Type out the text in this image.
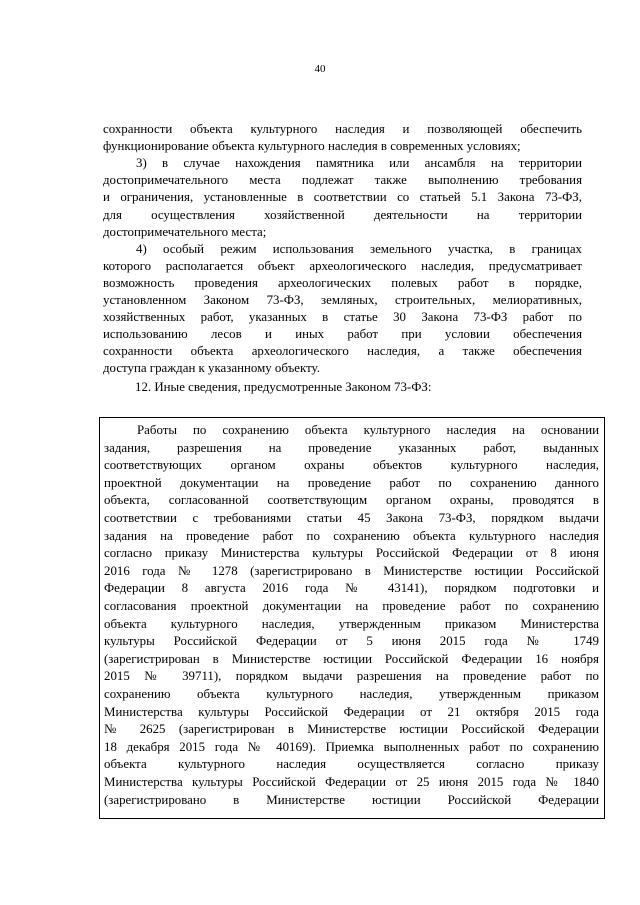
40
сохранности объекта культурного наследия и позволяющей обеспечить
функционирование объекта культурного наследия в современных условиях;
3) в случае нахождения памятника или ансамбля на территории
достопримечательного места подлежат также выполнению требования
и ограничения, установленные в соответствии со статьей 5.1 Закона 73-ФЗ,
для осуществления хозяйственной деятельности на территории
достопримечательного места;
4) особый режим использования земельного участка, в границах
которого располагается объект археологического наследия, предусматривает
возможность проведения археологических полевых работ в порядке,
установленном Законом 73-ФЗ, земляных, строительных, мелиоративных,
хозяйственных работ, указанных в статье 30 Закона 73-ФЗ работ по
использованию лесов и иных работ при условии обеспечения
сохранности объекта археологического наследия, а также обеспечения
доступа граждан к указанному объекту.
12. Иные сведения, предусмотренные Законом 73-ФЗ:
Работы по сохранению объекта культурного наследия на основании
задания, разрешения на проведение указанных работ, выданных
соответствующих органом охраны объектов культурного наследия,
проектной документации на проведение работ по сохранению данного
объекта, согласованной соответствующим органом охраны, проводятся в
соответствии с требованиями статьи 45 Закона 73-ФЗ, порядком выдачи
задания на проведение работ по сохранению объекта культурного наследия
согласно приказу Министерства культуры Российской Федерации от 8 июня
2016 года № 1278 (зарегистрировано в Министерстве юстиции Российской
Федерации 8 августа 2016 года № 43141), порядком подготовки и
согласования проектной документации на проведение работ по сохранению
объекта культурного наследия, утвержденным приказом Министерства
культуры Российской Федерации от 5 июня 2015 года № 1749
(зарегистрирован в Министерстве юстиции Российской Федерации 16 ноября
2015 № 39711), порядком выдачи разрешения на проведение работ по
сохранению объекта культурного наследия, утвержденным приказом
Министерства культуры Российской Федерации от 21 октября 2015 года
№ 2625 (зарегистрирован в Министерстве юстиции Российской Федерации
18 декабря 2015 года № 40169). Приемка выполненных работ по сохранению
объекта культурного наследия осуществляется согласно приказу
Министерства культуры Российской Федерации от 25 июня 2015 года № 1840
(зарегистрировано в Министерстве юстиции Российской Федерации
